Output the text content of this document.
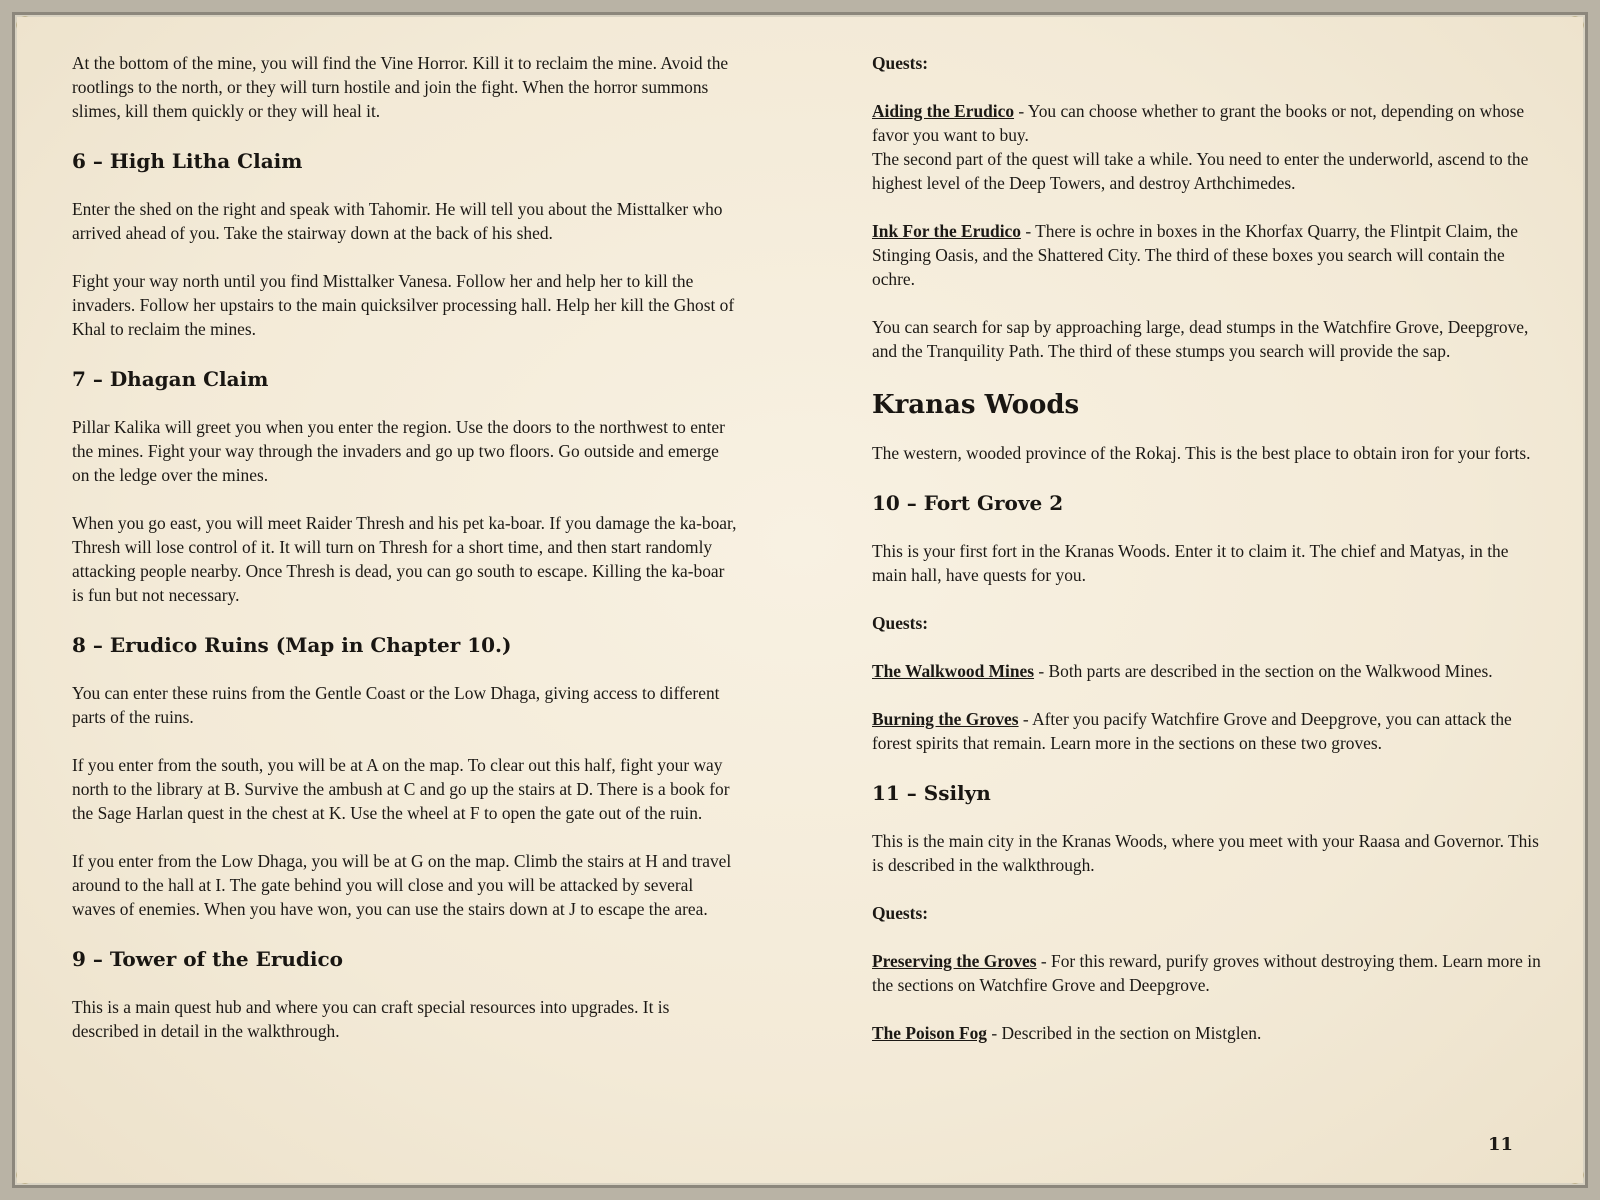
At the bottom of the mine, you will find the Vine Horror. Kill it to reclaim the mine. Avoid the rootlings to the north, or they will turn hostile and join the fight. When the horror summons slimes, kill them quickly or they will heal it.

6 – High Litha Claim

Enter the shed on the right and speak with Tahomir. He will tell you about the Misttalker who arrived ahead of you. Take the stairway down at the back of his shed.

Fight your way north until you find Misttalker Vanesa. Follow her and help her to kill the invaders. Follow her upstairs to the main quicksilver processing hall. Help her kill the Ghost of Khal to reclaim the mines.

7 – Dhagan Claim

Pillar Kalika will greet you when you enter the region. Use the doors to the northwest to enter the mines. Fight your way through the invaders and go up two floors. Go outside and emerge on the ledge over the mines.

When you go east, you will meet Raider Thresh and his pet ka-boar. If you damage the ka-boar, Thresh will lose control of it. It will turn on Thresh for a short time, and then start randomly attacking people nearby. Once Thresh is dead, you can go south to escape. Killing the ka-boar is fun but not necessary.

8 – Erudico Ruins (Map in Chapter 10.)

You can enter these ruins from the Gentle Coast or the Low Dhaga, giving access to different parts of the ruins.

If you enter from the south, you will be at A on the map. To clear out this half, fight your way north to the library at B. Survive the ambush at C and go up the stairs at D. There is a book for the Sage Harlan quest in the chest at K. Use the wheel at F to open the gate out of the ruin.

If you enter from the Low Dhaga, you will be at G on the map. Climb the stairs at H and travel around to the hall at I. The gate behind you will close and you will be attacked by several waves of enemies. When you have won, you can use the stairs down at J to escape the area.

9 – Tower of the Erudico

This is a main quest hub and where you can craft special resources into upgrades. It is described in detail in the walkthrough.

Quests:

Aiding the Erudico - You can choose whether to grant the books or not, depending on whose favor you want to buy.
The second part of the quest will take a while. You need to enter the underworld, ascend to the highest level of the Deep Towers, and destroy Arthchimedes.

Ink For the Erudico - There is ochre in boxes in the Khorfax Quarry, the Flintpit Claim, the Stinging Oasis, and the Shattered City. The third of these boxes you search will contain the ochre.

You can search for sap by approaching large, dead stumps in the Watchfire Grove, Deepgrove, and the Tranquility Path. The third of these stumps you search will provide the sap.

Kranas Woods

The western, wooded province of the Rokaj. This is the best place to obtain iron for your forts.

10 – Fort Grove 2

This is your first fort in the Kranas Woods. Enter it to claim it. The chief and Matyas, in the main hall, have quests for you.

Quests:

The Walkwood Mines - Both parts are described in the section on the Walkwood Mines.

Burning the Groves - After you pacify Watchfire Grove and Deepgrove, you can attack the forest spirits that remain. Learn more in the sections on these two groves.

11 – Ssilyn

This is the main city in the Kranas Woods, where you meet with your Raasa and Governor. This is described in the walkthrough.

Quests:

Preserving the Groves - For this reward, purify groves without destroying them. Learn more in the sections on Watchfire Grove and Deepgrove.

The Poison Fog - Described in the section on Mistglen.

11
